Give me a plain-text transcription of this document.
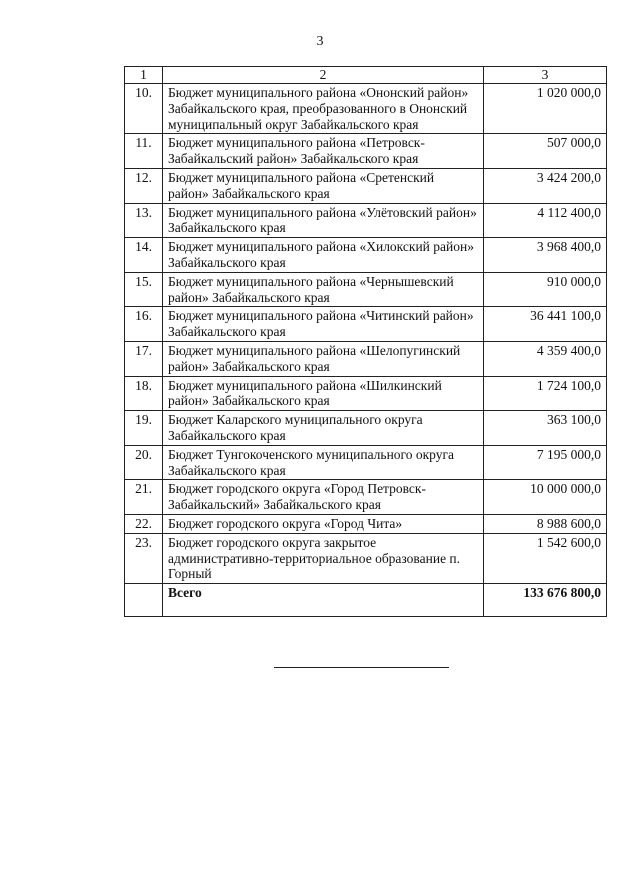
3
1	2	3
10.	Бюджет муниципального района «Ононский район» Забайкальского края, преобразованного в Ононский муниципальный округ Забайкальского края	1 020 000,0
11.	Бюджет муниципального района «Петровск-Забайкальский район» Забайкальского края	507 000,0
12.	Бюджет муниципального района «Сретенский район» Забайкальского края	3 424 200,0
13.	Бюджет муниципального района «Улётовский район» Забайкальского края	4 112 400,0
14.	Бюджет муниципального района «Хилокский район» Забайкальского края	3 968 400,0
15.	Бюджет муниципального района «Чернышевский район» Забайкальского края	910 000,0
16.	Бюджет муниципального района «Читинский район» Забайкальского края	36 441 100,0
17.	Бюджет муниципального района «Шелопугинский район» Забайкальского края	4 359 400,0
18.	Бюджет муниципального района «Шилкинский район» Забайкальского края	1 724 100,0
19.	Бюджет Каларского муниципального округа Забайкальского края	363 100,0
20.	Бюджет Тунгокоченского муниципального округа Забайкальского края	7 195 000,0
21.	Бюджет городского округа «Город Петровск-Забайкальский» Забайкальского края	10 000 000,0
22.	Бюджет городского округа «Город Чита»	8 988 600,0
23.	Бюджет городского округа закрытое административно-территориальное образование п. Горный	1 542 600,0
	Всего	133 676 800,0
